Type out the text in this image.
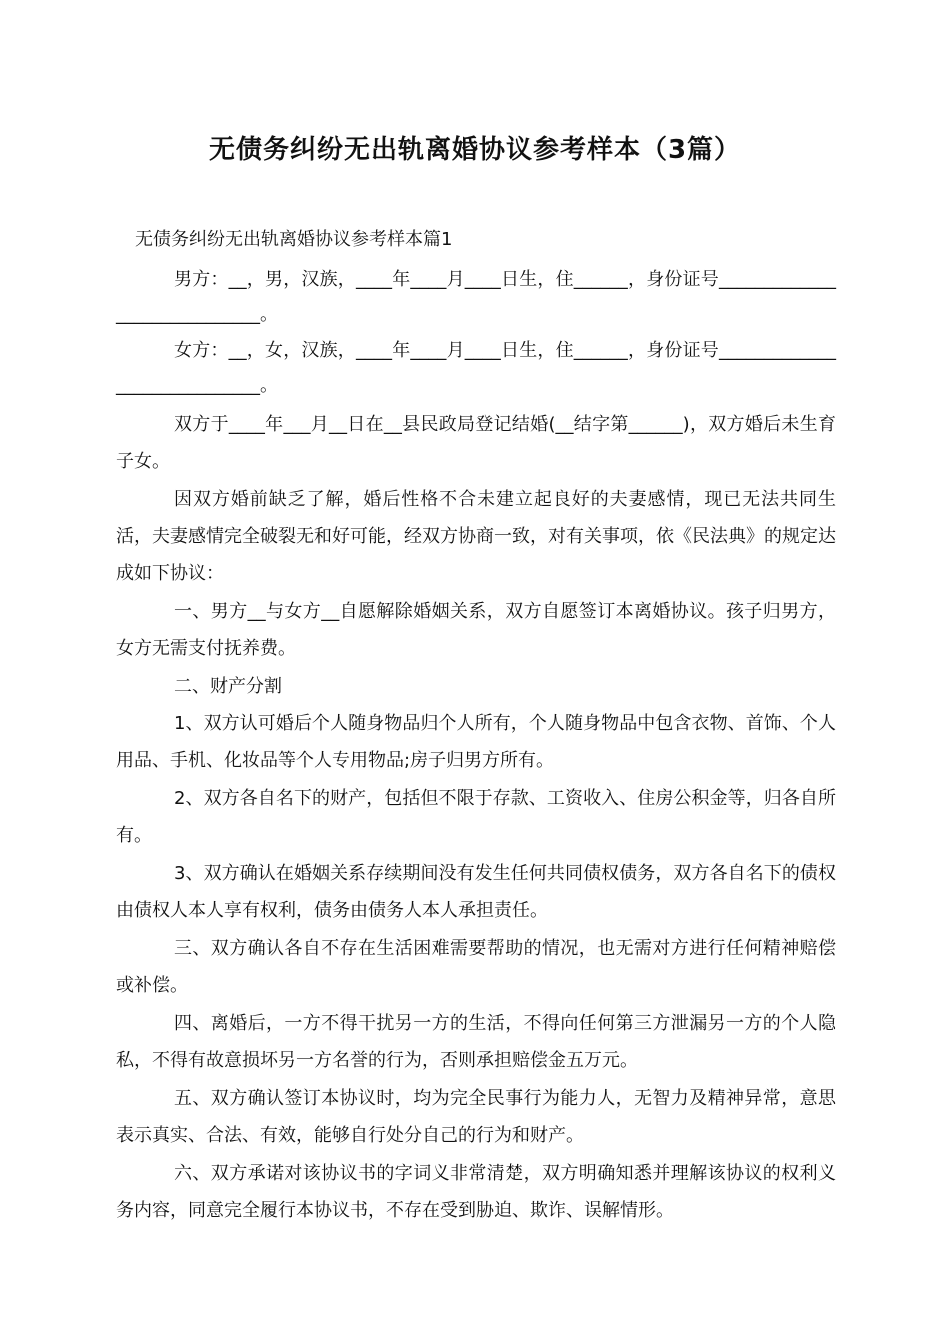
无债务纠纷无出轨离婚协议参考样本（3篇）
无债务纠纷无出轨离婚协议参考样本篇1

男方：__，男，汉族，____年____月____日生，住______，身份证号_____________________________。

女方：__，女，汉族，____年____月____日生，住______，身份证号_____________________________。

双方于____年___月__日在__县民政局登记结婚(__结字第______)，双方婚后未生育子女。

因双方婚前缺乏了解，婚后性格不合未建立起良好的夫妻感情，现已无法共同生活，夫妻感情完全破裂无和好可能，经双方协商一致，对有关事项，依《民法典》的规定达成如下协议：

一、男方__与女方__自愿解除婚姻关系，双方自愿签订本离婚协议。孩子归男方，女方无需支付抚养费。

二、财产分割

1、双方认可婚后个人随身物品归个人所有，个人随身物品中包含衣物、首饰、个人用品、手机、化妆品等个人专用物品;房子归男方所有。

2、双方各自名下的财产，包括但不限于存款、工资收入、住房公积金等，归各自所有。

3、双方确认在婚姻关系存续期间没有发生任何共同债权债务，双方各自名下的债权由债权人本人享有权利，债务由债务人本人承担责任。

三、双方确认各自不存在生活困难需要帮助的情况，也无需对方进行任何精神赔偿或补偿。

四、离婚后，一方不得干扰另一方的生活，不得向任何第三方泄漏另一方的个人隐私，不得有故意损坏另一方名誉的行为，否则承担赔偿金五万元。

五、双方确认签订本协议时，均为完全民事行为能力人，无智力及精神异常，意思表示真实、合法、有效，能够自行处分自己的行为和财产。

六、双方承诺对该协议书的字词义非常清楚，双方明确知悉并理解该协议的权利义务内容，同意完全履行本协议书，不存在受到胁迫、欺诈、误解情形。
